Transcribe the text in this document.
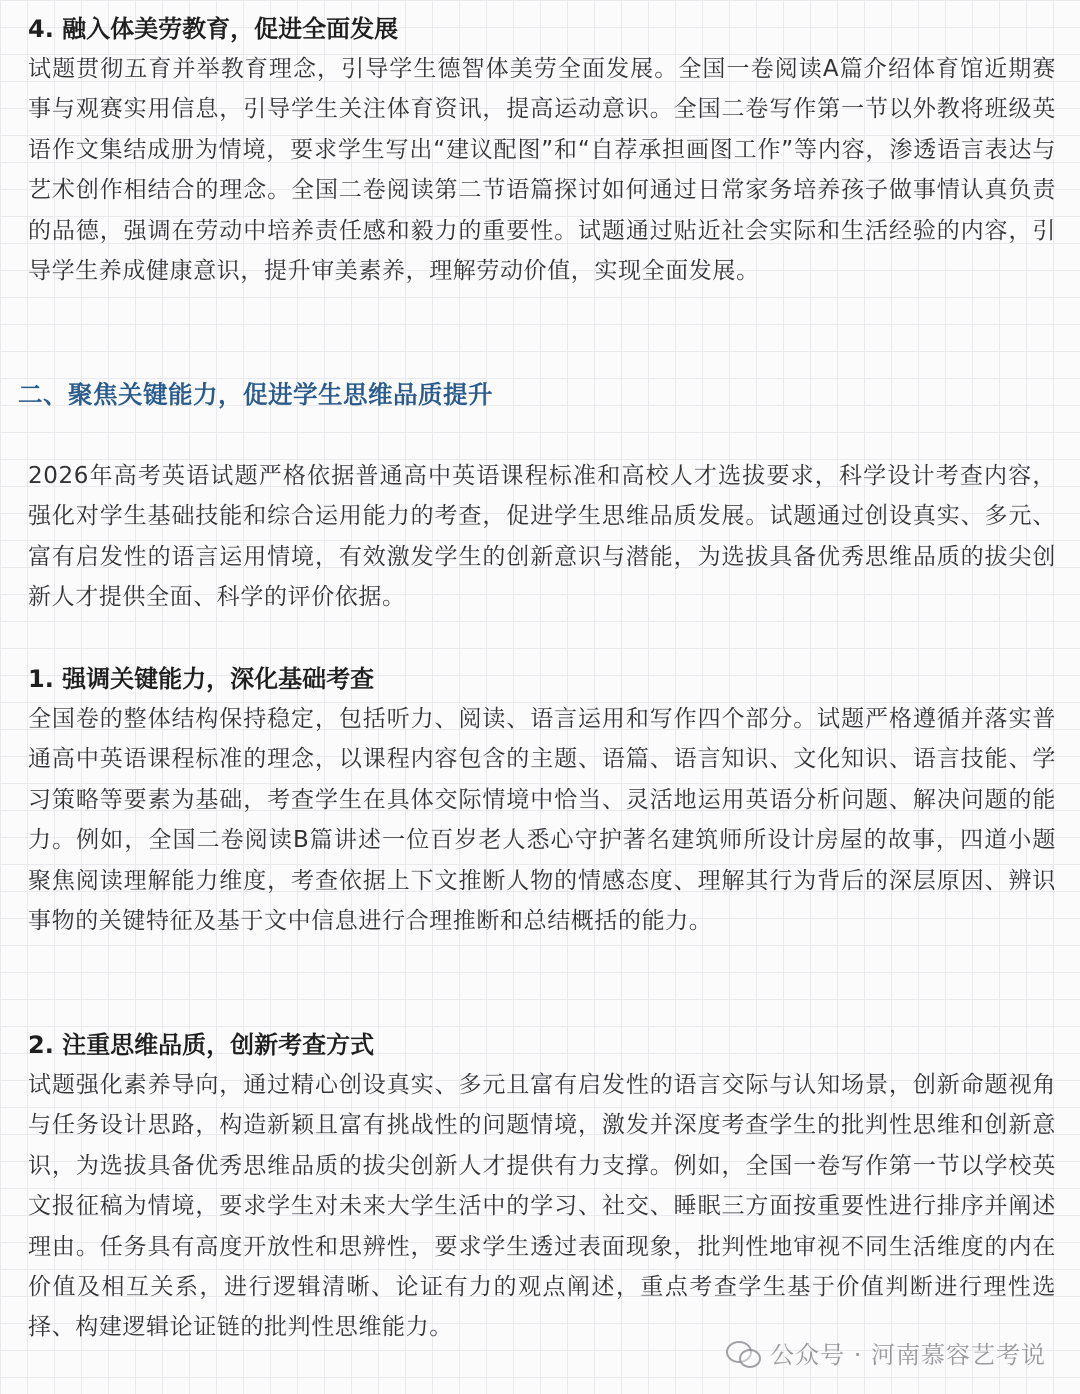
4. 融入体美劳教育，促进全面发展

试题贯彻五育并举教育理念，引导学生德智体美劳全面发展。全国一卷阅读A篇介绍体育馆近期赛事与观赛实用信息，引导学生关注体育资讯，提高运动意识。全国二卷写作第一节以外教将班级英语作文集结成册为情境，要求学生写出“建议配图”和“自荐承担画图工作”等内容，渗透语言表达与艺术创作相结合的理念。全国二卷阅读第二节语篇探讨如何通过日常家务培养孩子做事情认真负责的品德，强调在劳动中培养责任感和毅力的重要性。试题通过贴近社会实际和生活经验的内容，引导学生养成健康意识，提升审美素养，理解劳动价值，实现全面发展。

二、聚焦关键能力，促进学生思维品质提升

2026年高考英语试题严格依据普通高中英语课程标准和高校人才选拔要求，科学设计考查内容，强化对学生基础技能和综合运用能力的考查，促进学生思维品质发展。试题通过创设真实、多元、富有启发性的语言运用情境，有效激发学生的创新意识与潜能，为选拔具备优秀思维品质的拔尖创新人才提供全面、科学的评价依据。

1. 强调关键能力，深化基础考查

全国卷的整体结构保持稳定，包括听力、阅读、语言运用和写作四个部分。试题严格遵循并落实普通高中英语课程标准的理念，以课程内容包含的主题、语篇、语言知识、文化知识、语言技能、学习策略等要素为基础，考查学生在具体交际情境中恰当、灵活地运用英语分析问题、解决问题的能力。例如，全国二卷阅读B篇讲述一位百岁老人悉心守护著名建筑师所设计房屋的故事，四道小题聚焦阅读理解能力维度，考查依据上下文推断人物的情感态度、理解其行为背后的深层原因、辨识事物的关键特征及基于文中信息进行合理推断和总结概括的能力。

2. 注重思维品质，创新考查方式

试题强化素养导向，通过精心创设真实、多元且富有启发性的语言交际与认知场景，创新命题视角与任务设计思路，构造新颖且富有挑战性的问题情境，激发并深度考查学生的批判性思维和创新意识，为选拔具备优秀思维品质的拔尖创新人才提供有力支撑。例如，全国一卷写作第一节以学校英文报征稿为情境，要求学生对未来大学生活中的学习、社交、睡眠三方面按重要性进行排序并阐述理由。任务具有高度开放性和思辨性，要求学生透过表面现象，批判性地审视不同生活维度的内在价值及相互关系，进行逻辑清晰、论证有力的观点阐述，重点考查学生基于价值判断进行理性选择、构建逻辑论证链的批判性思维能力。

公众号 · 河南慕容艺考说
